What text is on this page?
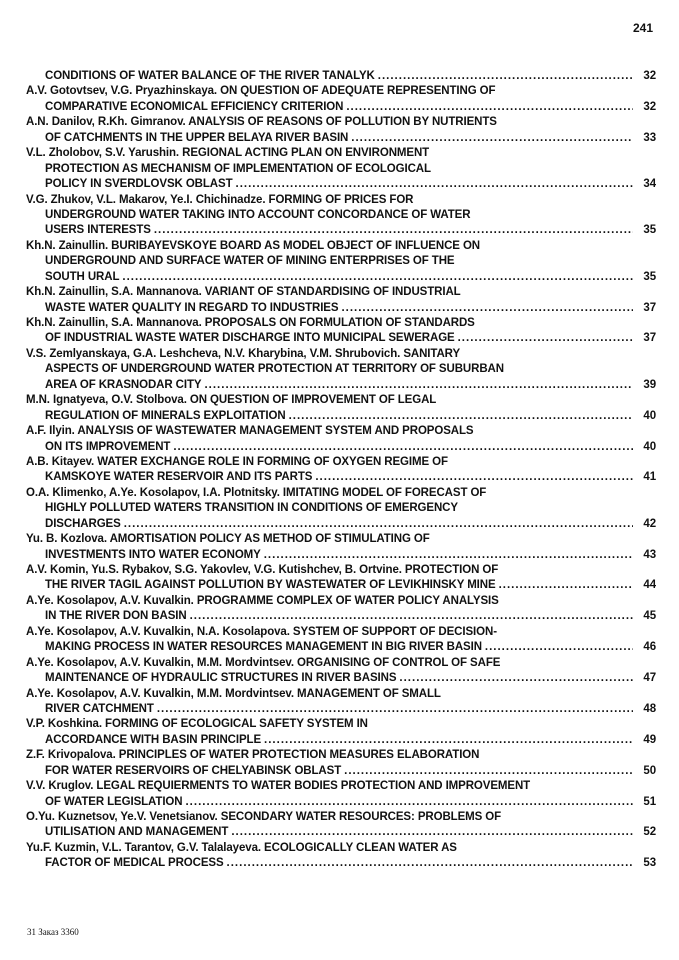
241
CONDITIONS OF WATER BALANCE OF THE RIVER TANALYK .....	32
A.V. Gotovtsev, V.G. Pryazhinskaya. ON QUESTION OF ADEQUATE REPRESENTING OF
COMPARATIVE ECONOMICAL EFFICIENCY CRITERION .....	32
A.N. Danilov, R.Kh. Gimranov. ANALYSIS OF REASONS OF POLLUTION BY NUTRIENTS
OF CATCHMENTS IN THE UPPER BELAYA RIVER BASIN .....	33
V.L. Zholobov, S.V. Yarushin. REGIONAL ACTING PLAN ON ENVIRONMENT
PROTECTION AS MECHANISM OF IMPLEMENTATION OF ECOLOGICAL
POLICY IN SVERDLOVSK OBLAST .....	34
V.G. Zhukov, V.L. Makarov, Ye.I. Chichinadze. FORMING OF PRICES FOR
UNDERGROUND WATER TAKING INTO ACCOUNT CONCORDANCE OF WATER
USERS INTERESTS .....	35
Kh.N. Zainullin. BURIBAYEVSKOYE BOARD AS MODEL OBJECT OF INFLUENCE ON
UNDERGROUND AND SURFACE WATER OF MINING ENTERPRISES OF THE
SOUTH URAL .....	35
Kh.N. Zainullin, S.A. Mannanova. VARIANT OF STANDARDISING OF INDUSTRIAL
WASTE WATER QUALITY IN REGARD TO INDUSTRIES .....	37
Kh.N. Zainullin, S.A. Mannanova. PROPOSALS ON FORMULATION OF STANDARDS
OF INDUSTRIAL WASTE WATER DISCHARGE INTO MUNICIPAL SEWERAGE .....	37
V.S. Zemlyanskaya, G.A. Leshcheva, N.V. Kharybina, V.M. Shrubovich. SANITARY
ASPECTS OF UNDERGROUND WATER PROTECTION AT TERRITORY OF SUBURBAN
AREA OF KRASNODAR CITY .....	39
M.N. Ignatyeva, O.V. Stolbova. ON QUESTION OF IMPROVEMENT OF LEGAL
REGULATION OF MINERALS EXPLOITATION .....	40
A.F. Ilyin. ANALYSIS OF WASTEWATER MANAGEMENT SYSTEM AND PROPOSALS
ON ITS IMPROVEMENT .....	40
A.B. Kitayev. WATER EXCHANGE ROLE IN FORMING OF OXYGEN REGIME OF
KAMSKOYE WATER RESERVOIR AND ITS PARTS .....	41
O.A. Klimenko, A.Ye. Kosolapov, I.A. Plotnitsky. IMITATING MODEL OF FORECAST OF
HIGHLY POLLUTED WATERS TRANSITION IN CONDITIONS OF EMERGENCY
DISCHARGES .....	42
Yu. B. Kozlova. AMORTISATION POLICY AS METHOD OF STIMULATING OF
INVESTMENTS INTO WATER ECONOMY .....	43
A.V. Komin, Yu.S. Rybakov, S.G. Yakovlev, V.G. Kutishchev, B. Ortvine. PROTECTION OF
THE RIVER TAGIL AGAINST POLLUTION BY WASTEWATER OF LEVIKHINSKY MINE .....	44
A.Ye. Kosolapov, A.V. Kuvalkin. PROGRAMME COMPLEX OF WATER POLICY ANALYSIS
IN THE RIVER DON BASIN .....	45
A.Ye. Kosolapov, A.V. Kuvalkin, N.A. Kosolapova. SYSTEM OF SUPPORT OF DECISION-
MAKING PROCESS IN WATER RESOURCES MANAGEMENT IN BIG RIVER BASIN .....	46
A.Ye. Kosolapov, A.V. Kuvalkin, M.M. Mordvintsev. ORGANISING OF CONTROL OF SAFE
MAINTENANCE OF HYDRAULIC STRUCTURES IN RIVER BASINS .....	47
A.Ye. Kosolapov, A.V. Kuvalkin, M.M. Mordvintsev. MANAGEMENT OF SMALL
RIVER CATCHMENT .....	48
V.P. Koshkina. FORMING OF ECOLOGICAL SAFETY SYSTEM IN
ACCORDANCE WITH BASIN PRINCIPLE .....	49
Z.F. Krivopalova. PRINCIPLES OF WATER PROTECTION MEASURES ELABORATION
FOR WATER RESERVOIRS OF CHELYABINSK OBLAST .....	50
V.V. Kruglov. LEGAL REQUIERMENTS TO WATER BODIES PROTECTION AND IMPROVEMENT
OF WATER LEGISLATION .....	51
O.Yu. Kuznetsov, Ye.V. Venetsianov. SECONDARY WATER RESOURCES: PROBLEMS OF
UTILISATION AND MANAGEMENT .....	52
Yu.F. Kuzmin, V.L. Tarantov, G.V. Talalayeva. ECOLOGICALLY CLEAN WATER AS
FACTOR OF MEDICAL PROCESS .....	53
31 Заказ 3360
